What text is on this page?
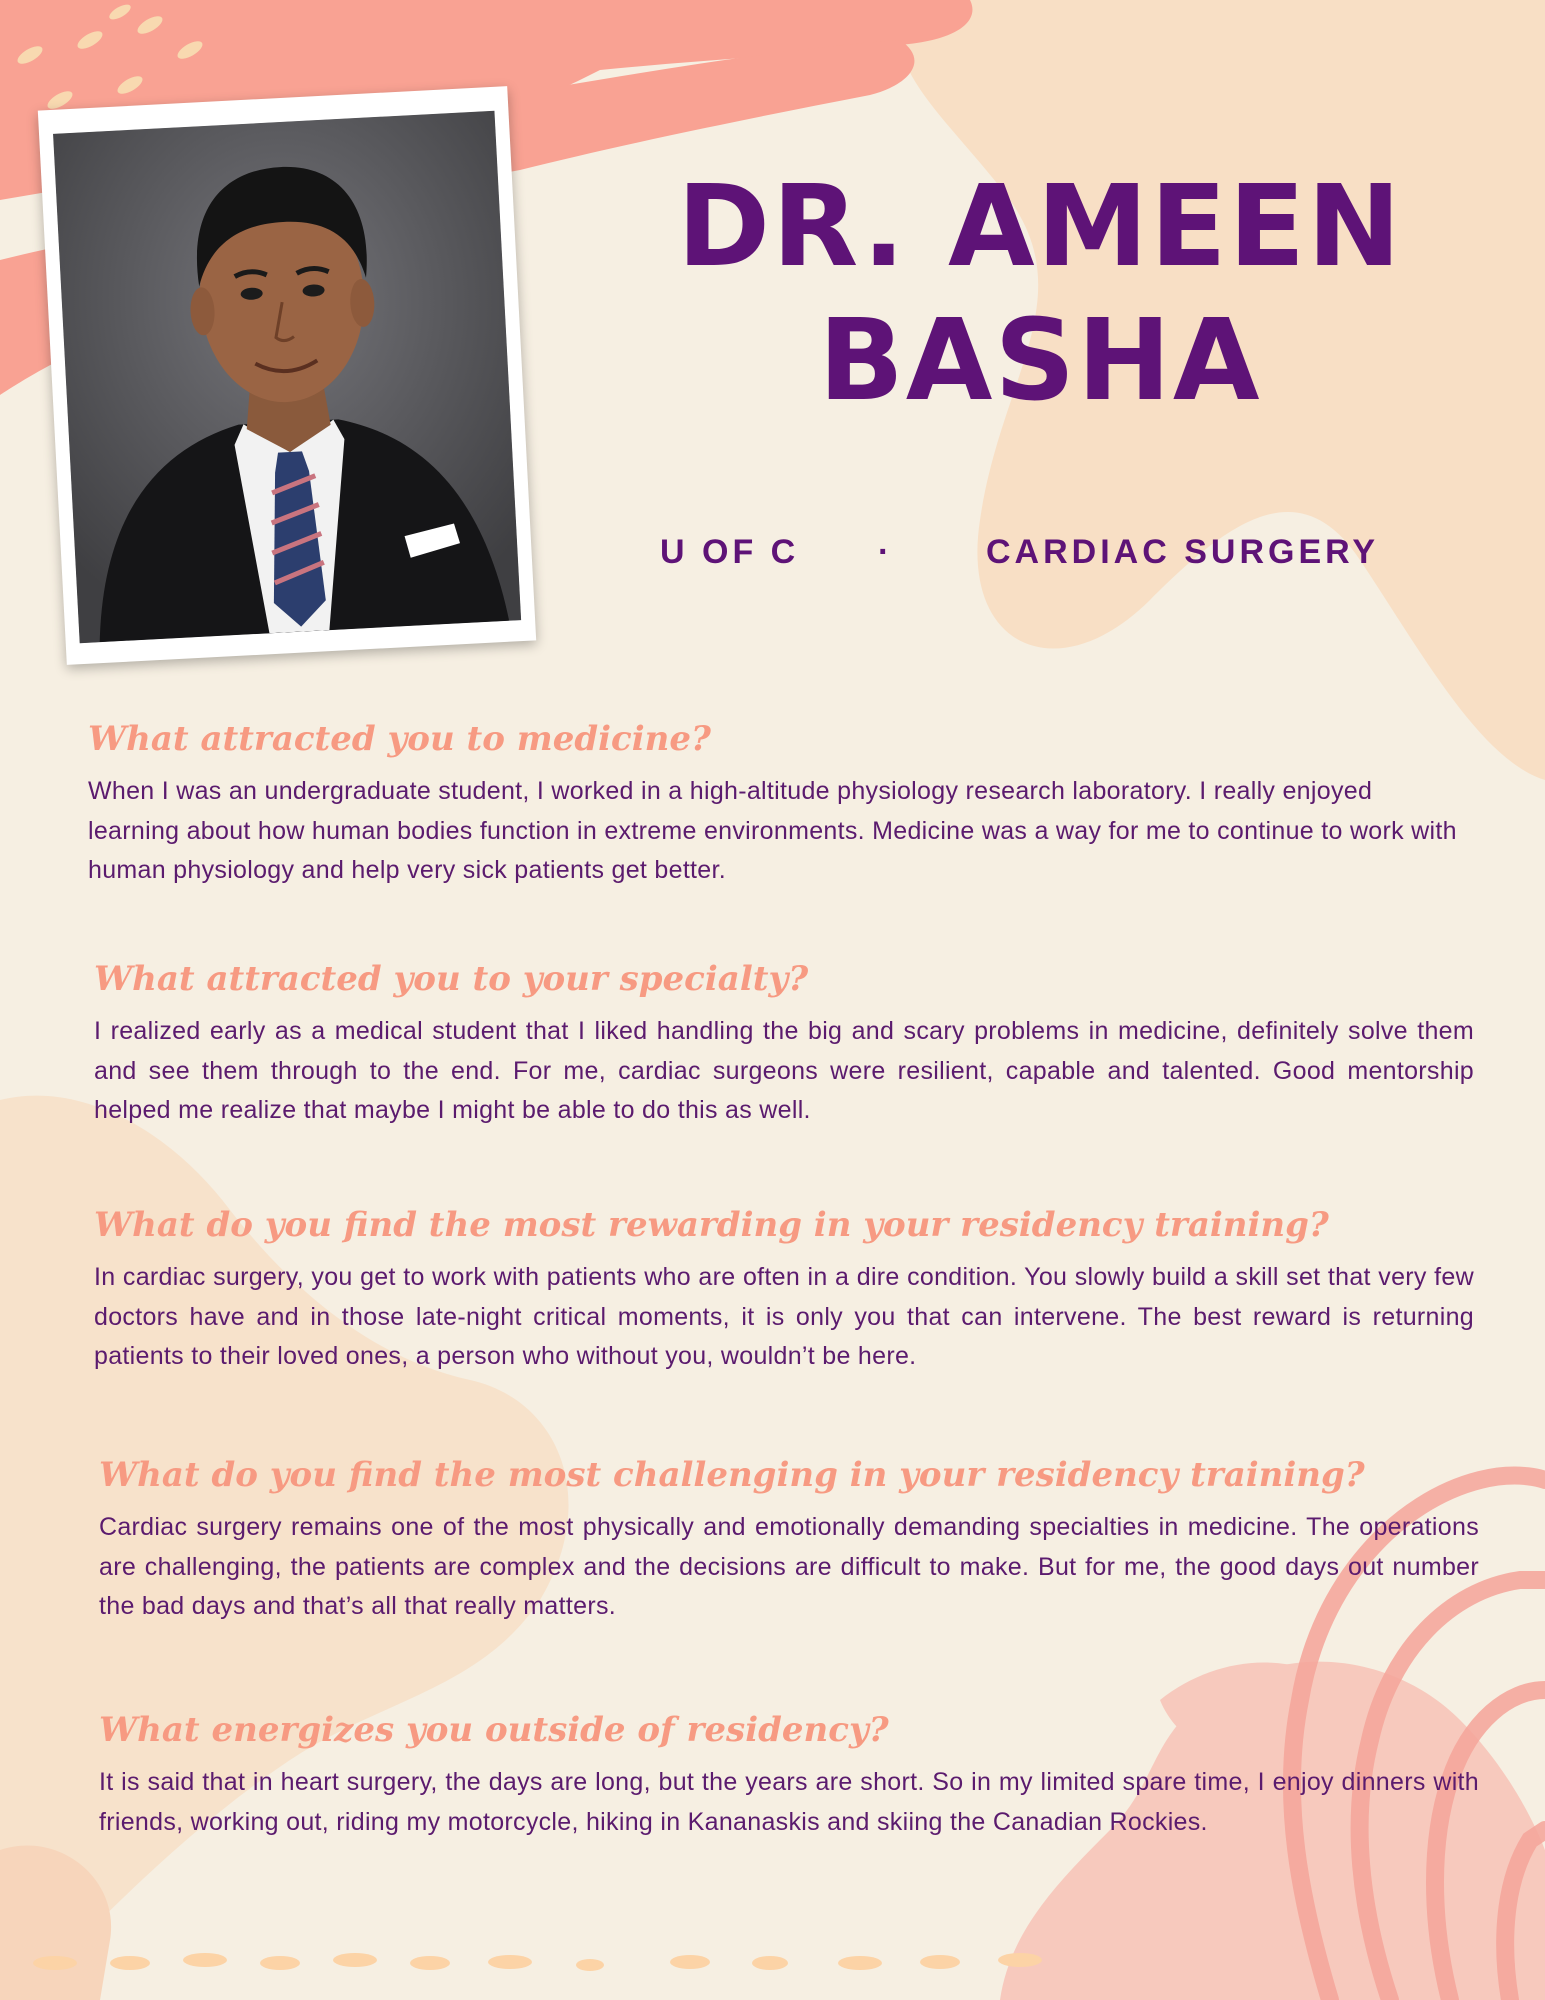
DR. AMEEN
BASHA
U OF C ·	CARDIAC SURGERY
What attracted you to medicine?

When I was an undergraduate student, I worked in a high-altitude physiology research laboratory. I really enjoyed learning about how human bodies function in extreme environments. Medicine was a way for me to continue to work with human physiology and help very sick patients get better.

What attracted you to your specialty?

I realized early as a medical student that I liked handling the big and scary problems in medicine, definitely solve them and see them through to the end. For me, cardiac surgeons were resilient, capable and talented. Good mentorship helped me realize that maybe I might be able to do this as well.

What do you find the most rewarding in your residency training?

In cardiac surgery, you get to work with patients who are often in a dire condition. You slowly build a skill set that very few doctors have and in those late-night critical moments, it is only you that can intervene. The best reward is returning patients to their loved ones, a person who without you, wouldn’t be here.

What do you find the most challenging in your residency training?

Cardiac surgery remains one of the most physically and emotionally demanding specialties in medicine. The operations are challenging, the patients are complex and the decisions are difficult to make. But for me, the good days out number the bad days and that’s all that really matters.

What energizes you outside of residency?

It is said that in heart surgery, the days are long, but the years are short. So in my limited spare time, I enjoy dinners with friends, working out, riding my motorcycle, hiking in Kananaskis and skiing the Canadian Rockies.
